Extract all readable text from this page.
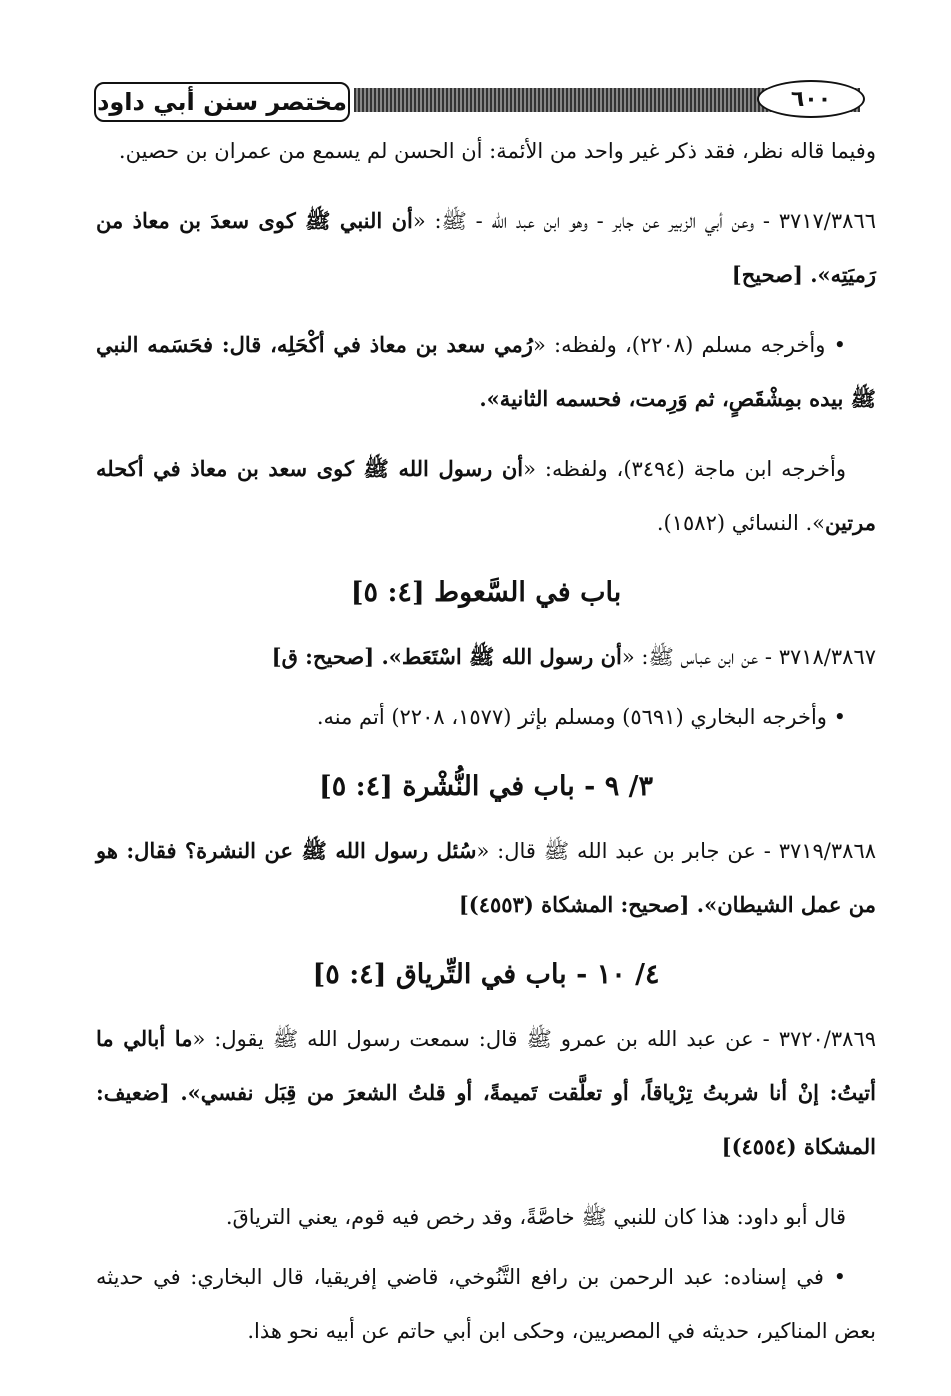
مختصر سنن أبي داود	٦٠٠

وفيما قاله نظر، فقد ذكر غير واحد من الأئمة: أن الحسن لم يسمع من عمران بن حصين.

٣٧١٧/٣٨٦٦ - وعن أبي الزبير عن جابر - وهو ابن عبد الله - ﷺ: «أن النبي ﷺ كوى سعدَ بن معاذ من رَميَتِه». [صحيح]

• وأخرجه مسلم (٢٢٠٨)، ولفظه: «رُمي سعد بن معاذ في أكْحَلِه، قال: فحَسَمه النبي ﷺ بيده بمِشْقَصٍ، ثم وَرِمت، فحسمه الثانية».

وأخرجه ابن ماجة (٣٤٩٤)، ولفظه: «أن رسول الله ﷺ كوى سعد بن معاذ في أكحله مرتين». النسائي (١٥٨٢).

باب في السَّعوط [٤: ٥]

٣٧١٨/٣٨٦٧ - عن ابن عباس ﷺ: «أن رسول الله ﷺ اسْتَعَط». [صحيح: ق]

• وأخرجه البخاري (٥٦٩١) ومسلم بإثر (١٥٧٧، ٢٢٠٨) أتم منه.

٣/ ٩ - باب في النُّشْرة [٤: ٥]

٣٧١٩/٣٨٦٨ - عن جابر بن عبد الله ﷺ قال: «سُئل رسول الله ﷺ عن النشرة؟ فقال: هو من عمل الشيطان». [صحيح: المشكاة (٤٥٥٣)]

٤/ ١٠ - باب في التِّرياق [٤: ٥]

٣٧٢٠/٣٨٦٩ - عن عبد الله بن عمرو ﷺ قال: سمعت رسول الله ﷺ يقول: «ما أبالي ما أتيتُ: إنْ أنا شربتُ تِرْياقاً، أو تعلَّقت تَميمةً، أو قلتُ الشعرَ من قِبَل نفسي». [ضعيف: المشكاة (٤٥٥٤)]

قال أبو داود: هذا كان للنبي ﷺ خاصَّةً، وقد رخص فيه قوم، يعني الترياقَ.

• في إسناده: عبد الرحمن بن رافع التَّنُوخي، قاضي إفريقيا، قال البخاري: في حديثه بعض المناكير، حديثه في المصريين، وحكى ابن أبي حاتم عن أبيه نحو هذا.
